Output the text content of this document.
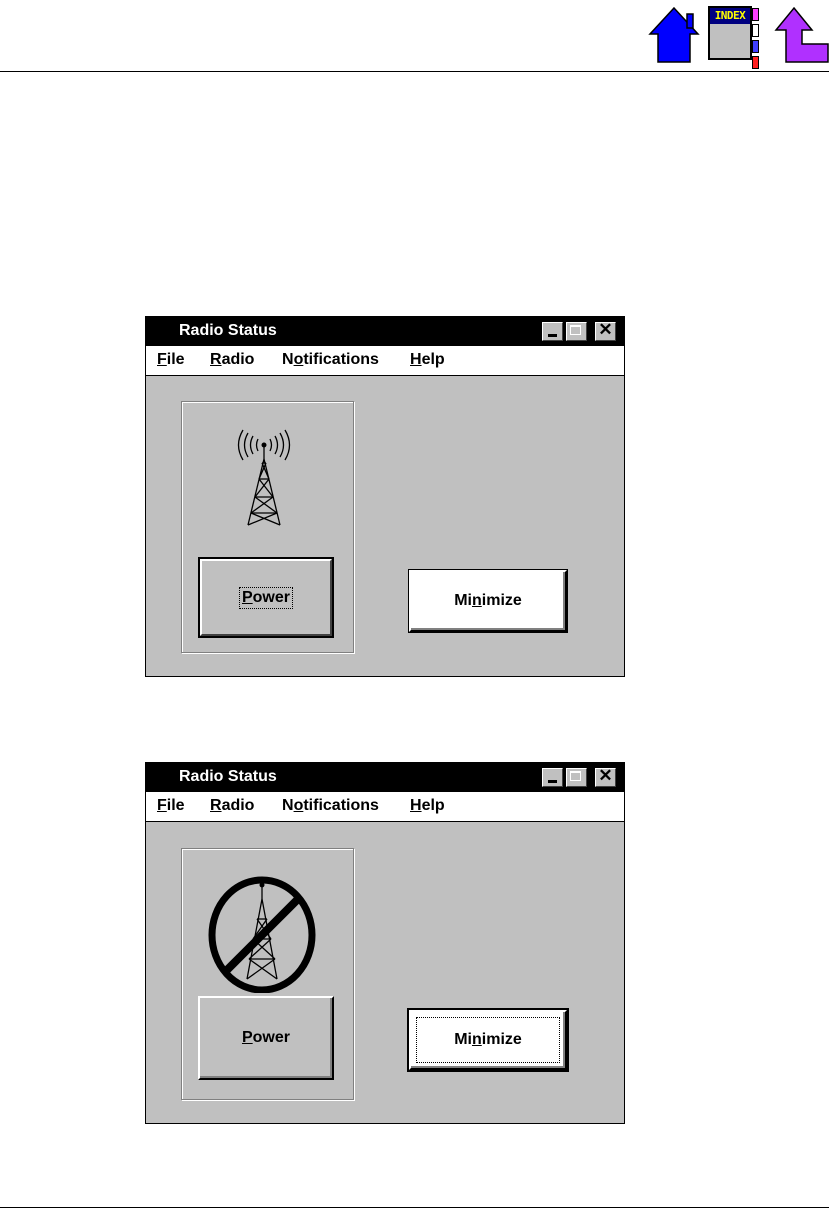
INDEX
Radio Status	✕
File Radio Notifications Help
Power	Minimize
Radio Status	✕
File Radio Notifications Help
Power	Minimize
